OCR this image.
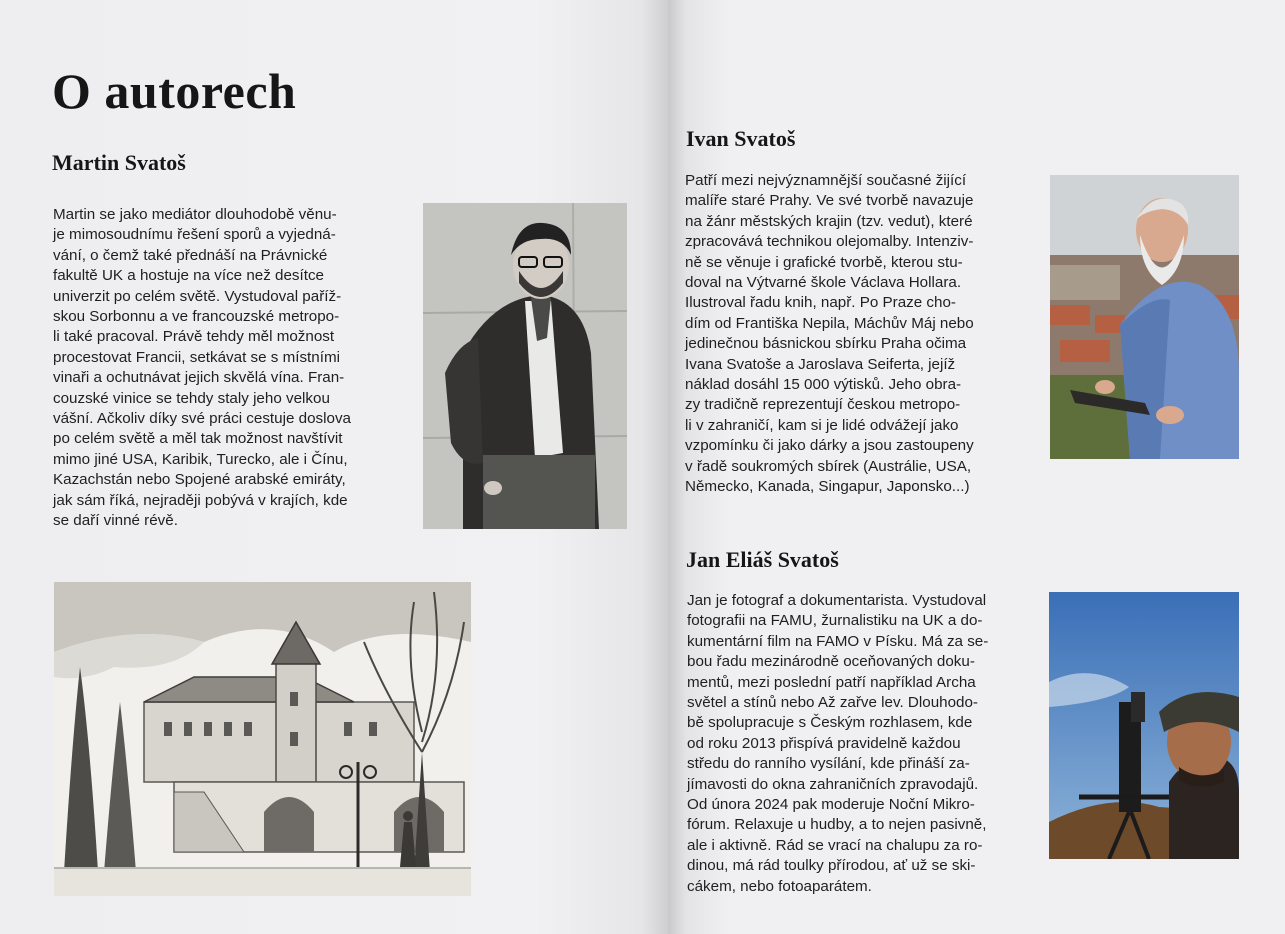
O autorech
Martin Svatoš

Martin se jako mediátor dlouhodobě věnu-
je mimosoudnímu řešení sporů a vyjedná-
vání, o čemž také přednáší na Právnické
fakultě UK a hostuje na více než desítce
univerzit po celém světě. Vystudoval paříž-
skou Sorbonnu a ve francouzské metropo-
li také pracoval. Právě tehdy měl možnost
procestovat Francii, setkávat se s místními
vinaři a ochutnávat jejich skvělá vína. Fran-
couzské vinice se tehdy staly jeho velkou
vášní. Ačkoliv díky své práci cestuje doslova
po celém světě a měl tak možnost navštívit
mimo jiné USA, Karibik, Turecko, ale i Čínu,
Kazachstán nebo Spojené arabské emiráty,
jak sám říká, nejraději pobývá v krajích, kde
se daří vinné révě.

Ivan Svatoš

Patří mezi nejvýznamnější současné žijící
malíře staré Prahy. Ve své tvorbě navazuje
na žánr městských krajin (tzv. vedut), které
zpracovává technikou olejomalby. Intenziv-
ně se věnuje i grafické tvorbě, kterou stu-
doval na Výtvarné škole Václava Hollara.
Ilustroval řadu knih, např. Po Praze cho-
dím od Františka Nepila, Máchův Máj nebo
jedinečnou básnickou sbírku Praha očima
Ivana Svatoše a Jaroslava Seiferta, jejíž
náklad dosáhl 15 000 výtisků. Jeho obra-
zy tradičně reprezentují českou metropo-
li v zahraničí, kam si je lidé odvážejí jako
vzpomínku či jako dárky a jsou zastoupeny
v řadě soukromých sbírek (Austrálie, USA,
Německo, Kanada, Singapur, Japonsko...)

Jan Eliáš Svatoš

Jan je fotograf a dokumentarista. Vystudoval
fotografii na FAMU, žurnalistiku na UK a do-
kumentární film na FAMO v Písku. Má za se-
bou řadu mezinárodně oceňovaných doku-
mentů, mezi poslední patří například Archa
světel a stínů nebo Až zařve lev. Dlouhodo-
bě spolupracuje s Českým rozhlasem, kde
od roku 2013 přispívá pravidelně každou
středu do ranního vysílání, kde přináší za-
jímavosti do okna zahraničních zpravodajů.
Od února 2024 pak moderuje Noční Mikro-
fórum. Relaxuje u hudby, a to nejen pasivně,
ale i aktivně. Rád se vrací na chalupu za ro-
dinou, má rád toulky přírodou, ať už se ski-
cákem, nebo fotoaparátem.
